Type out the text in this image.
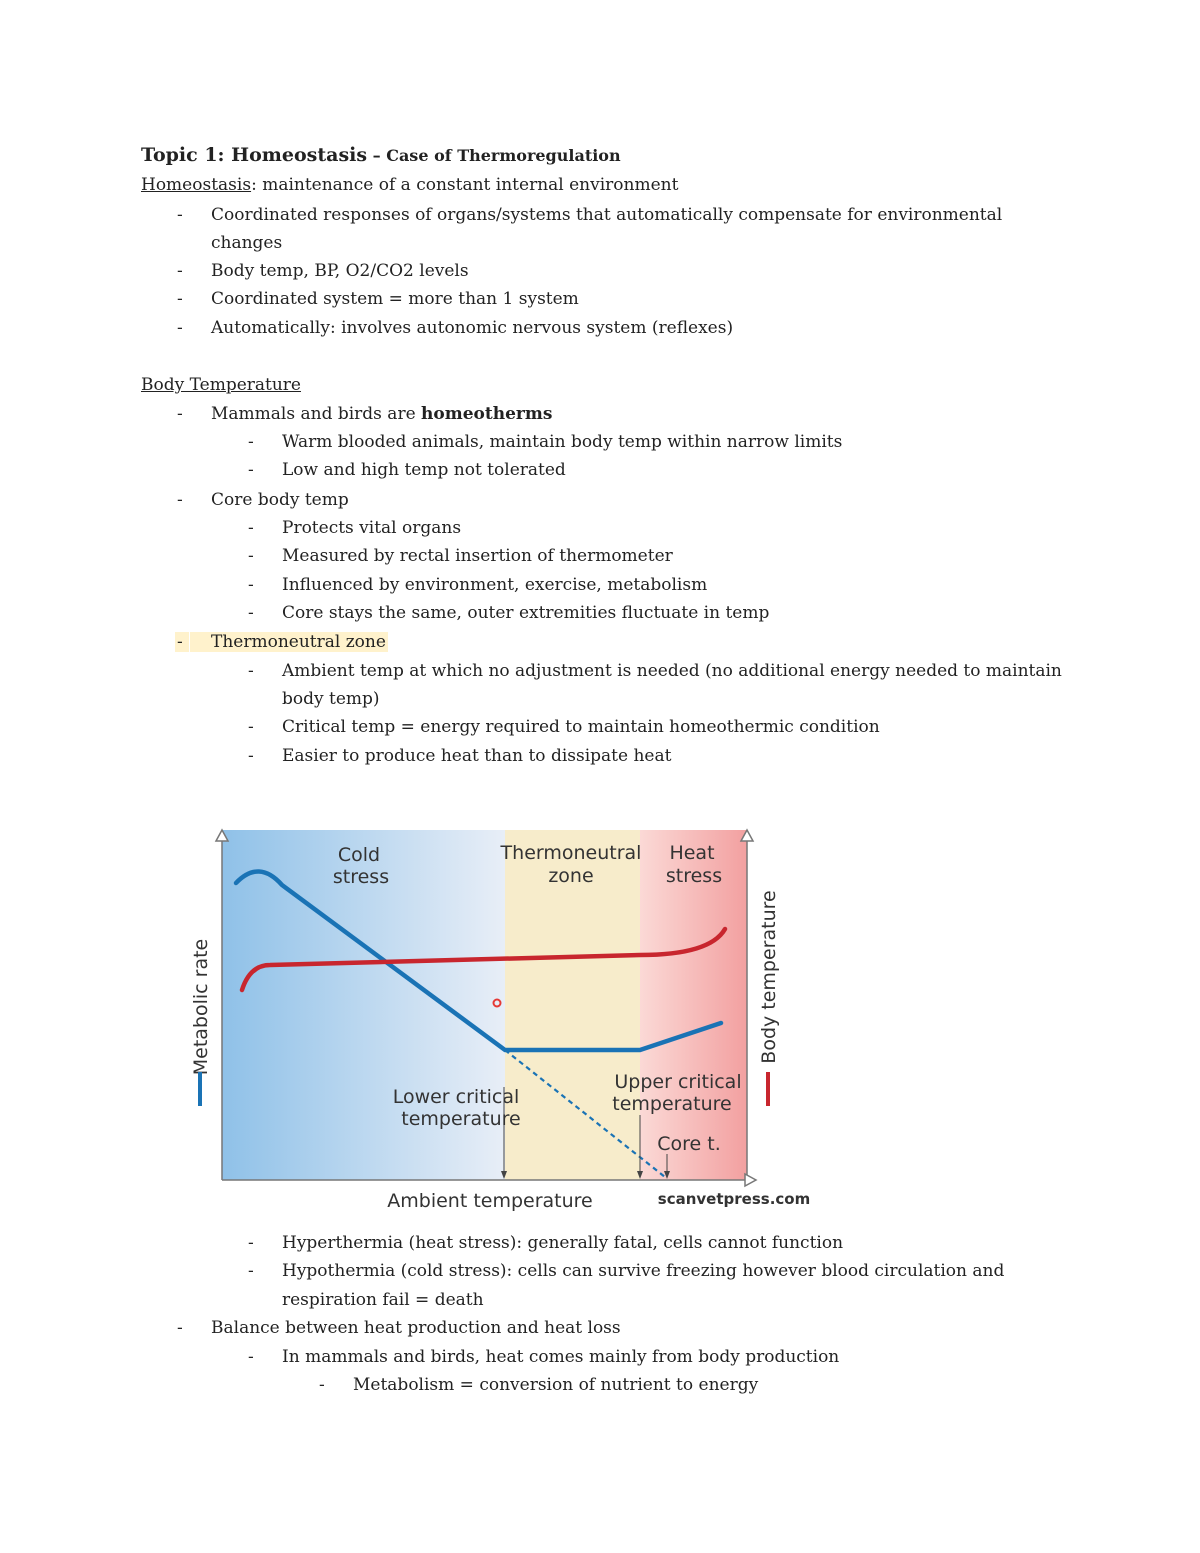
Topic 1: Homeostasis – Case of Thermoregulation
Homeostasis: maintenance of a constant internal environment
- Coordinated responses of organs/systems that automatically compensate for environmental
changes
- Body temp, BP, O2/CO2 levels
- Coordinated system = more than 1 system
- Automatically: involves autonomic nervous system (reflexes)
Body Temperature
- Mammals and birds are homeotherms
- Warm blooded animals, maintain body temp within narrow limits
- Low and high temp not tolerated
- Core body temp
- Protects vital organs
- Measured by rectal insertion of thermometer
- Influenced by environment, exercise, metabolism
- Core stays the same, outer extremities fluctuate in temp
-	Thermoneutral zone
- Ambient temp at which no adjustment is needed (no additional energy needed to maintain
body temp)
- Critical temp = energy required to maintain homeothermic condition
- Easier to produce heat than to dissipate heat
Cold
stress
Thermoneutral
zone
Heat
stress
Metabolic rate	Body temperature
Ambient temperature
Lower critical
temperature
Upper critical
temperature
Core t.
scanvetpress.com
- Hyperthermia (heat stress): generally fatal, cells cannot function
- Hypothermia (cold stress): cells can survive freezing however blood circulation and
respiration fail = death
- Balance between heat production and heat loss
- In mammals and birds, heat comes mainly from body production
- Metabolism = conversion of nutrient to energy
